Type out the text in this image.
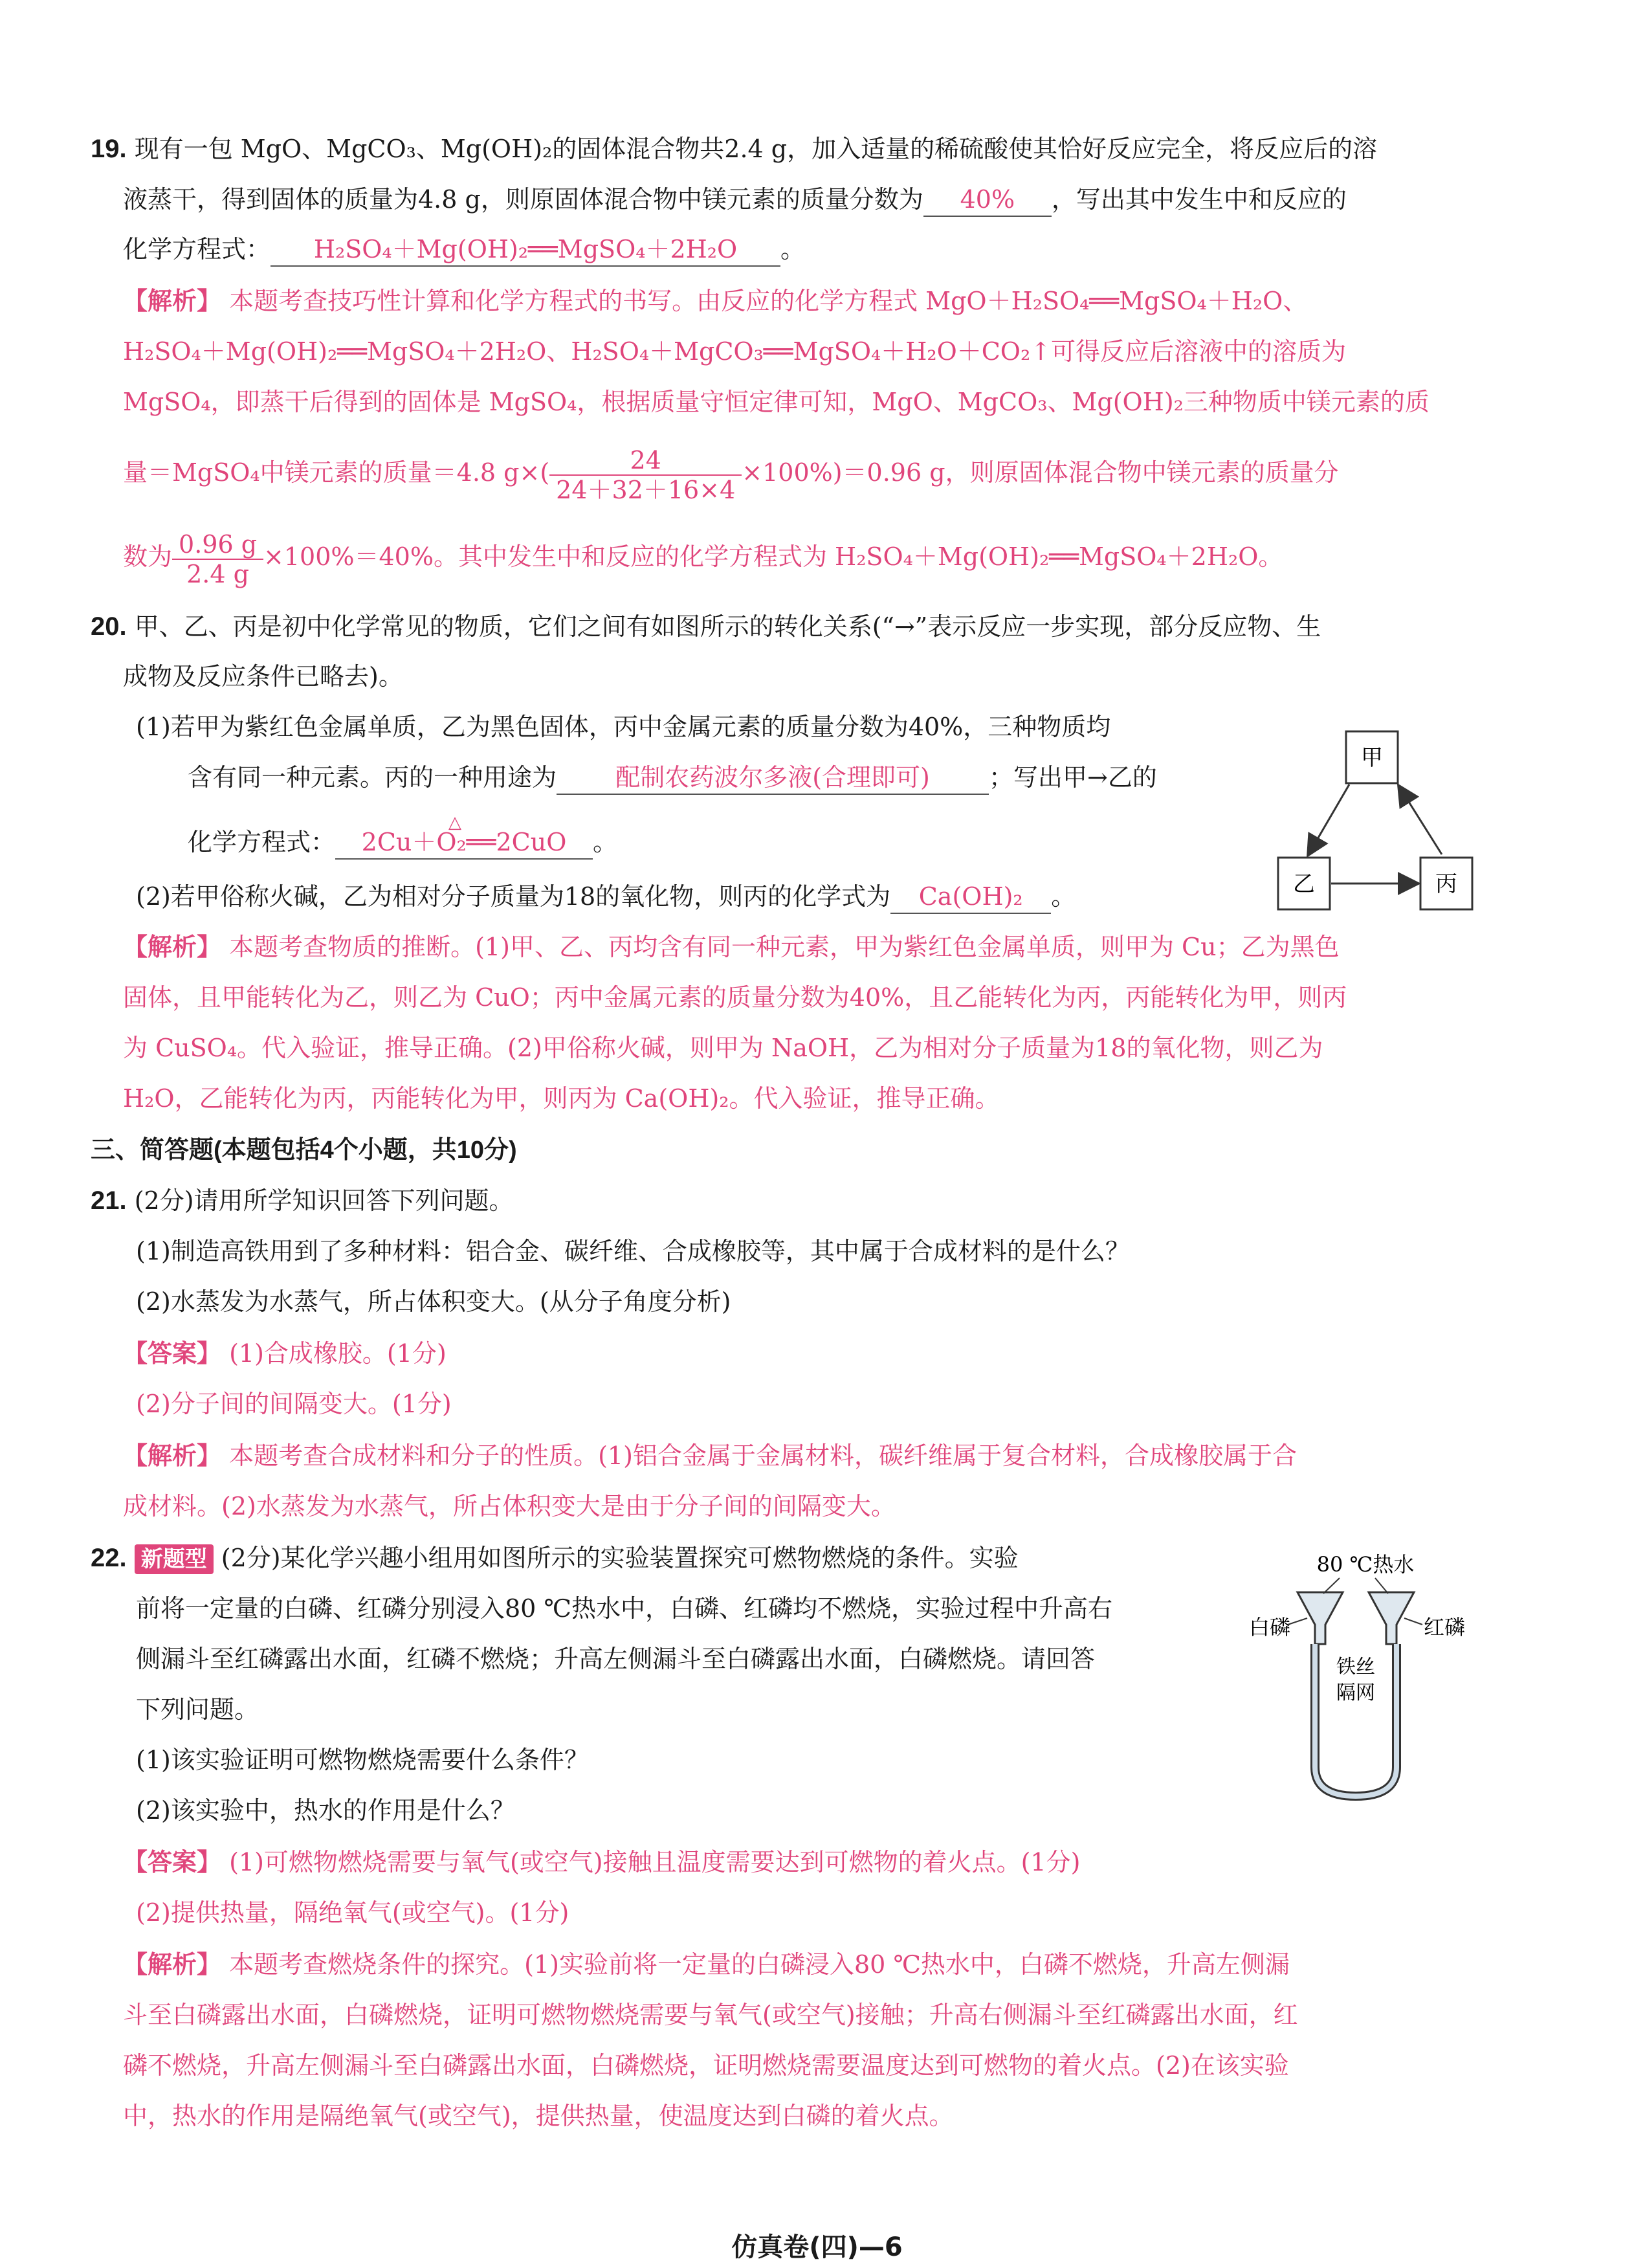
19. 现有一包 MgO、MgCO₃、Mg(OH)₂的固体混合物共2.4 g，加入适量的稀硫酸使其恰好反应完全，将反应后的溶
液蒸干，得到固体的质量为4.8 g，则原固体混合物中镁元素的质量分数为 40% ，写出其中发生中和反应的
化学方程式： H₂SO₄＋Mg(OH)₂══MgSO₄＋2H₂O 。
【解析】 本题考查技巧性计算和化学方程式的书写。由反应的化学方程式 MgO＋H₂SO₄══MgSO₄＋H₂O、
H₂SO₄＋Mg(OH)₂══MgSO₄＋2H₂O、H₂SO₄＋MgCO₃══MgSO₄＋H₂O＋CO₂↑可得反应后溶液中的溶质为
MgSO₄，即蒸干后得到的固体是 MgSO₄，根据质量守恒定律可知，MgO、MgCO₃、Mg(OH)₂三种物质中镁元素的质
量＝MgSO₄中镁元素的质量＝4.8 $g\times( \frac{24}{24+32+16\times 4} \times 100\%)=0.96$ g，则原固体混合物中镁元素的质量分
数为 $\frac{0.96 g}{2.4 g} \times 100\%=40\%$。其中发生中和反应的化学方程式为 H₂SO₄＋Mg(OH)₂══MgSO₄＋2H₂O。
20. 甲、乙、丙是初中化学常见的物质，它们之间有如图所示的转化关系(“→”表示反应一步实现，部分反应物、生
成物及反应条件已略去)。
(1)若甲为紫红色金属单质，乙为黑色固体，丙中金属元素的质量分数为40%，三种物质均
含有同一种元素。丙的一种用途为 配制农药波尔多液(合理即可) ；写出甲→乙的
化学方程式：
△
2Cu＋O₂══2CuO 。
(2)若甲俗称火碱，乙为相对分子质量为18的氧化物，则丙的化学式为 Ca(OH)₂ 。
甲
乙	丙
【解析】 本题考查物质的推断。(1)甲、乙、丙均含有同一种元素，甲为紫红色金属单质，则甲为 Cu；乙为黑色
固体，且甲能转化为乙，则乙为 CuO；丙中金属元素的质量分数为40%，且乙能转化为丙，丙能转化为甲，则丙
为 CuSO₄。代入验证，推导正确。(2)甲俗称火碱，则甲为 NaOH，乙为相对分子质量为18的氧化物，则乙为
H₂O，乙能转化为丙，丙能转化为甲，则丙为 Ca(OH)₂。代入验证，推导正确。
三、简答题(本题包括4个小题，共10分)
21. (2分)请用所学知识回答下列问题。
(1)制造高铁用到了多种材料：铝合金、碳纤维、合成橡胶等，其中属于合成材料的是什么？
(2)水蒸发为水蒸气，所占体积变大。(从分子角度分析)
【答案】 (1)合成橡胶。(1分)
(2)分子间的间隔变大。(1分)
【解析】 本题考查合成材料和分子的性质。(1)铝合金属于金属材料，碳纤维属于复合材料，合成橡胶属于合
成材料。(2)水蒸发为水蒸气，所占体积变大是由于分子间的间隔变大。
22. 新题型 (2分)某化学兴趣小组用如图所示的实验装置探究可燃物燃烧的条件。实验
前将一定量的白磷、红磷分别浸入80 ℃热水中，白磷、红磷均不燃烧，实验过程中升高右
侧漏斗至红磷露出水面，红磷不燃烧；升高左侧漏斗至白磷露出水面，白磷燃烧。请回答
下列问题。
(1)该实验证明可燃物燃烧需要什么条件？
(2)该实验中，热水的作用是什么？
80 ℃热水
白磷	红磷
铁丝
隔网
【答案】 (1)可燃物燃烧需要与氧气(或空气)接触且温度需要达到可燃物的着火点。(1分)
(2)提供热量，隔绝氧气(或空气)。(1分)
【解析】 本题考查燃烧条件的探究。(1)实验前将一定量的白磷浸入80 ℃热水中，白磷不燃烧，升高左侧漏
斗至白磷露出水面，白磷燃烧，证明可燃物燃烧需要与氧气(或空气)接触；升高右侧漏斗至红磷露出水面，红
磷不燃烧，升高左侧漏斗至白磷露出水面，白磷燃烧，证明燃烧需要温度达到可燃物的着火点。(2)在该实验
中，热水的作用是隔绝氧气(或空气)，提供热量，使温度达到白磷的着火点。
仿真卷(四)—6
